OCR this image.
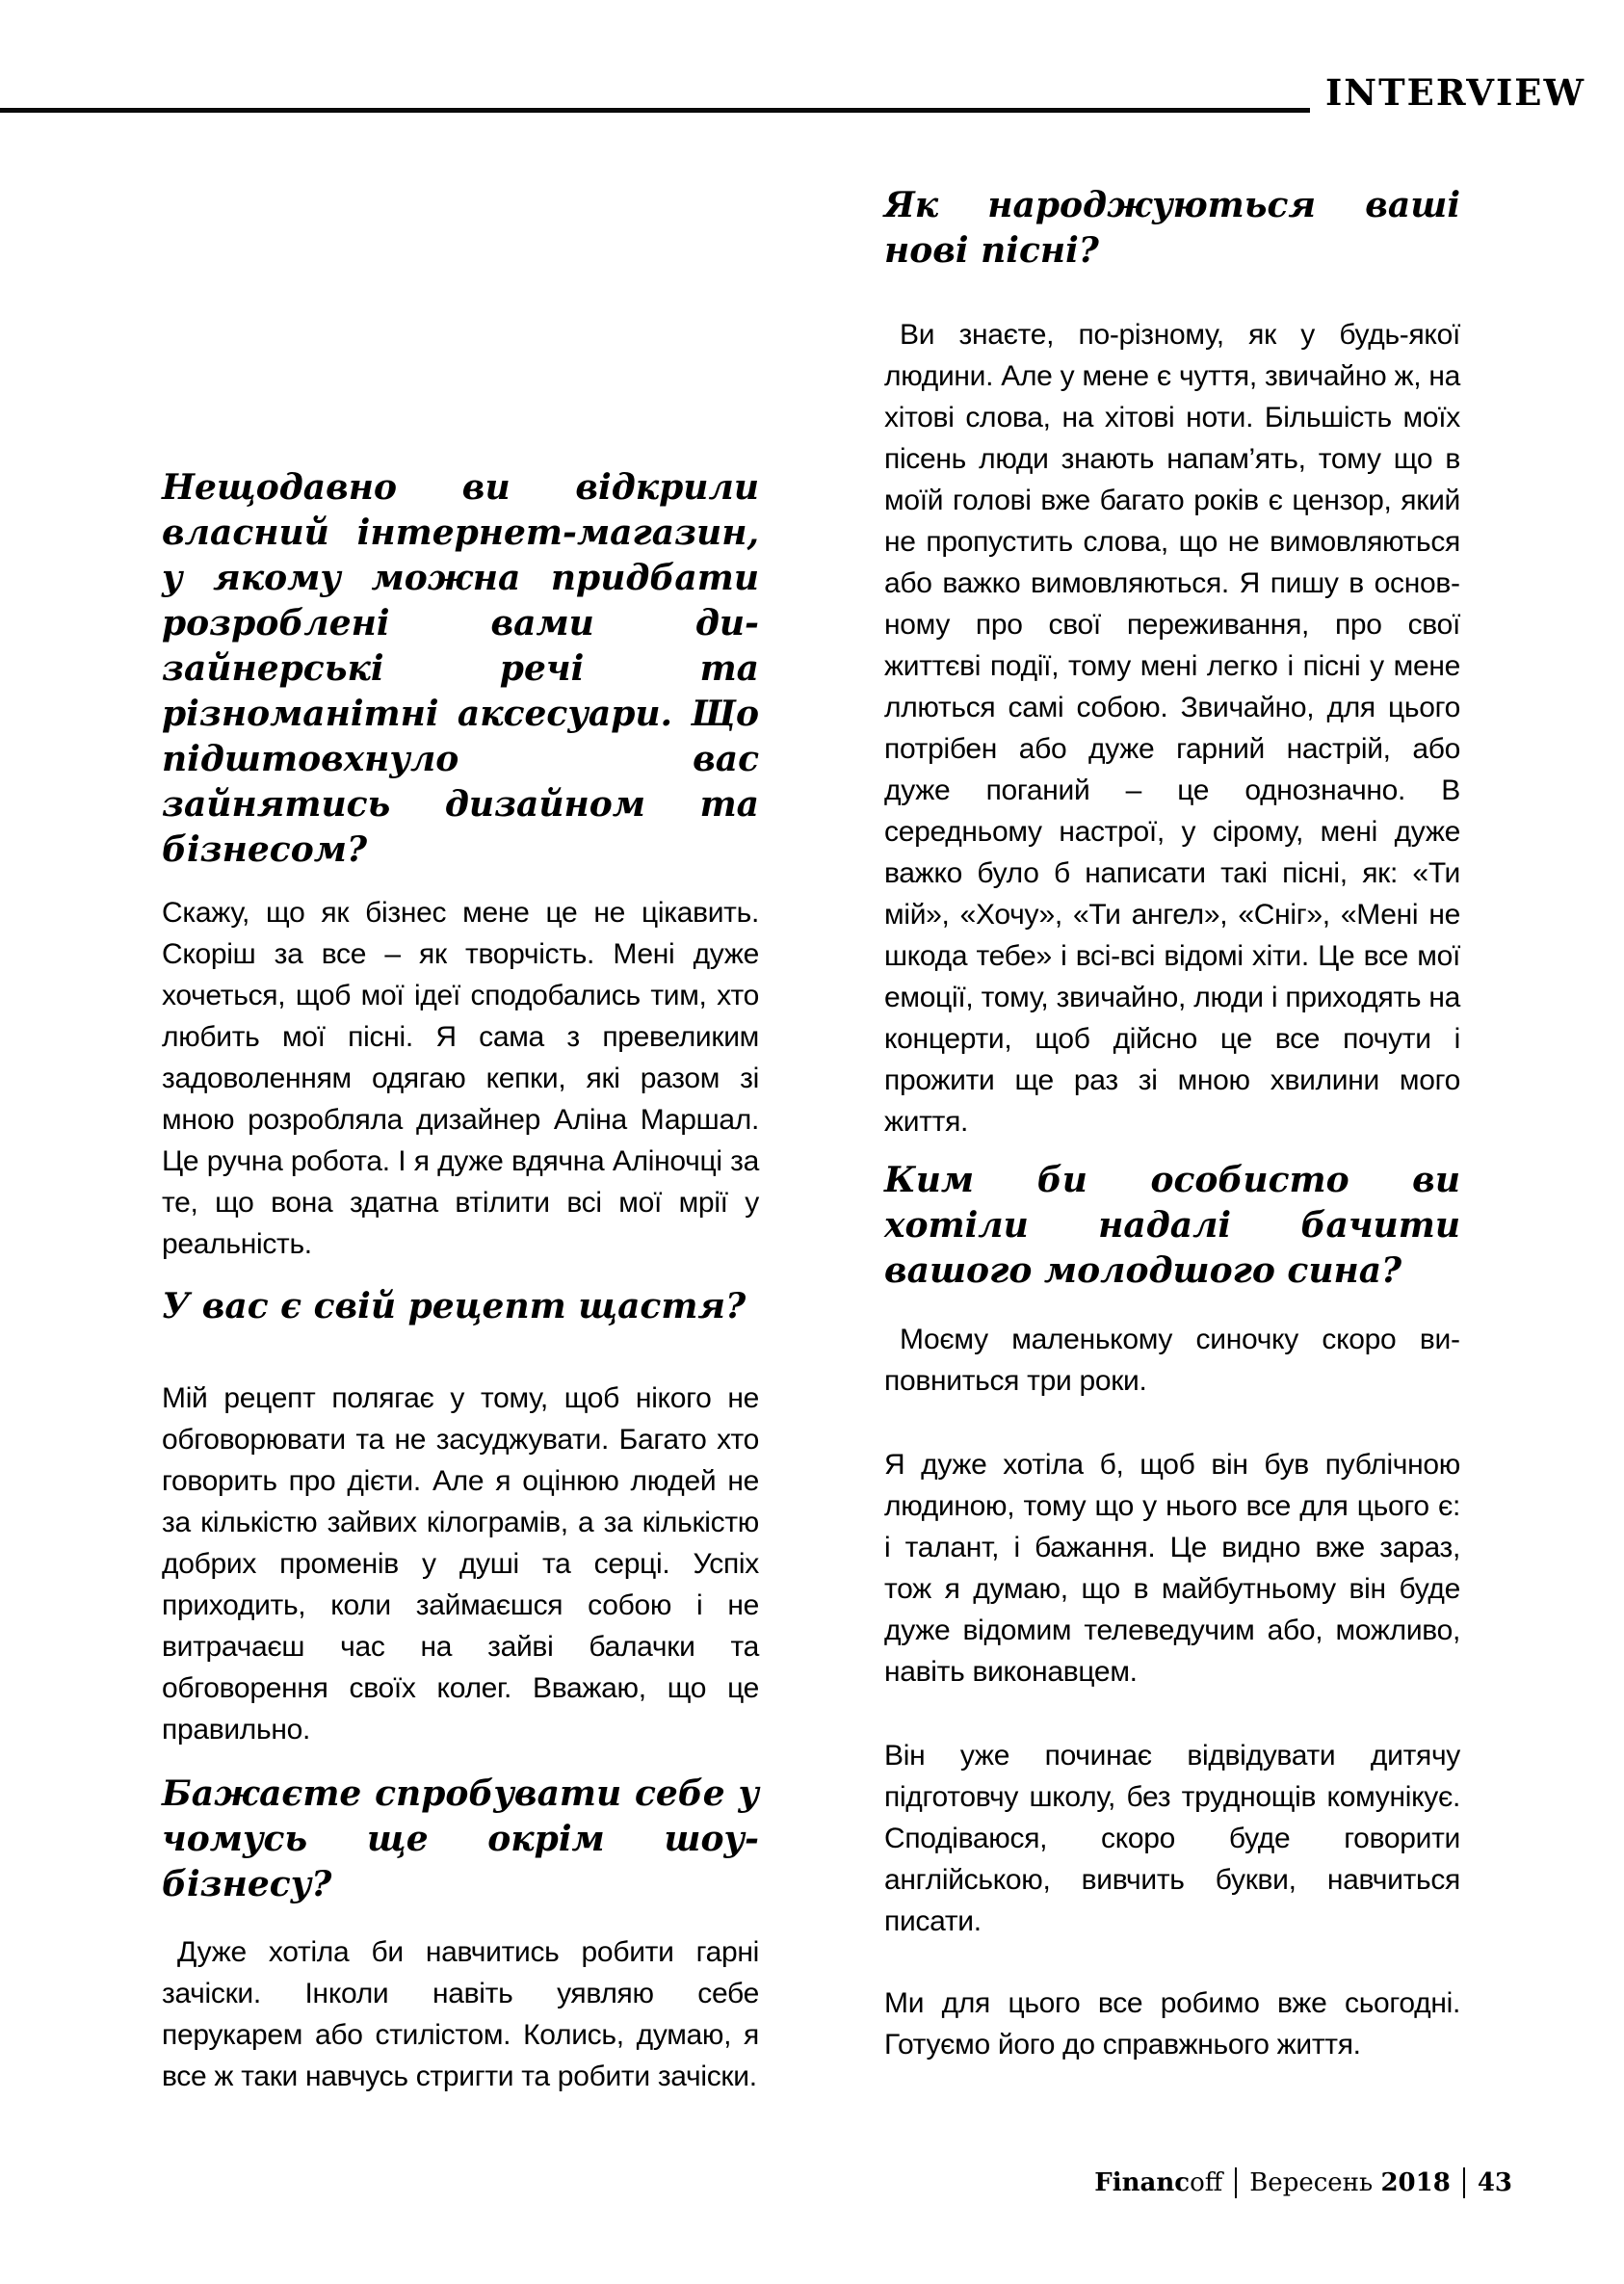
INTERVIEW
Нещодавно ви відкрили власний інтернет-магазин, у якому можна придбати розроблені вами дизайнерські речі та різноманітні аксесуари. Що підштовхнуло вас зайнятись дизайном та бізнесом?

Скажу, що як бізнес мене це не цікавить. Скоріш за все – як творчість. Мені дуже хочеться, щоб мої ідеї сподобались тим, хто любить мої пісні. Я сама з превеликим задоволенням одягаю кепки, які разом зі мною розробляла дизайнер Аліна Маршал. Це ручна робота. І я дуже вдячна Аліночці за те, що вона здатна втілити всі мої мрії у реальність.

У вас є свій рецепт щастя?

Мій рецепт полягає у тому, щоб нікого не обговорювати та не засуджувати. Багато хто говорить про дієти. Але я оцінюю людей не за кількістю зайвих кілограмів, а за кількістю добрих променів у душі та серці. Успіх приходить, коли займаєшся собою і не витрачаєш час на зайві балачки та обговорення своїх колег. Вважаю, що це правильно.

Бажаєте спробувати себе у чомусь ще окрім шоу-бізнесу?

Дуже хотіла би навчитись робити гарні зачіски. Інколи навіть уявляю себе перукарем або стилістом. Колись, думаю, я все ж таки навчусь стригти та робити зачіски.

Як народжуються ваші нові пісні?

Ви знаєте, по-різному, як у будь-якої людини. Але у мене є чуття, звичайно ж, на хітові слова, на хітові ноти. Більшість моїх пісень люди знають напам’ять, тому що в моїй голові вже багато років є цензор, який не пропустить слова, що не вимовляються або важко вимовляються. Я пишу в основному про свої переживання, про свої життєві події, тому мені легко і пісні у мене ллються самі собою. Звичайно, для цього потрібен або дуже гарний настрій, або дуже поганий – це однозначно. В середньому настрої, у сірому, мені дуже важко було б написати такі пісні, як: «Ти мій», «Хочу», «Ти ангел», «Сніг», «Мені не шкода тебе» і всі-всі відомі хіти. Це все мої емоції, тому, звичайно, люди і приходять на концерти, щоб дійсно це все почути і прожити ще раз зі мною хвилини мого життя.

Ким би особисто ви хотіли надалі бачити вашого молодшого сина?

Моєму маленькому синочку скоро виповниться три роки.

Я дуже хотіла б, щоб він був публічною людиною, тому що у нього все для цього є: і талант, і бажання. Це видно вже зараз, тож я думаю, що в майбутньому він буде дуже відомим телеведучим або, можливо, навіть виконавцем.

Він уже починає відвідувати дитячу підготовчу школу, без труднощів комунікує. Сподіваюся, скоро буде говорити англійською, вивчить букви, навчиться писати.

Ми для цього все робимо вже сьогодні. Готуємо його до справжнього життя.

Financoff Вересень 2018 43
